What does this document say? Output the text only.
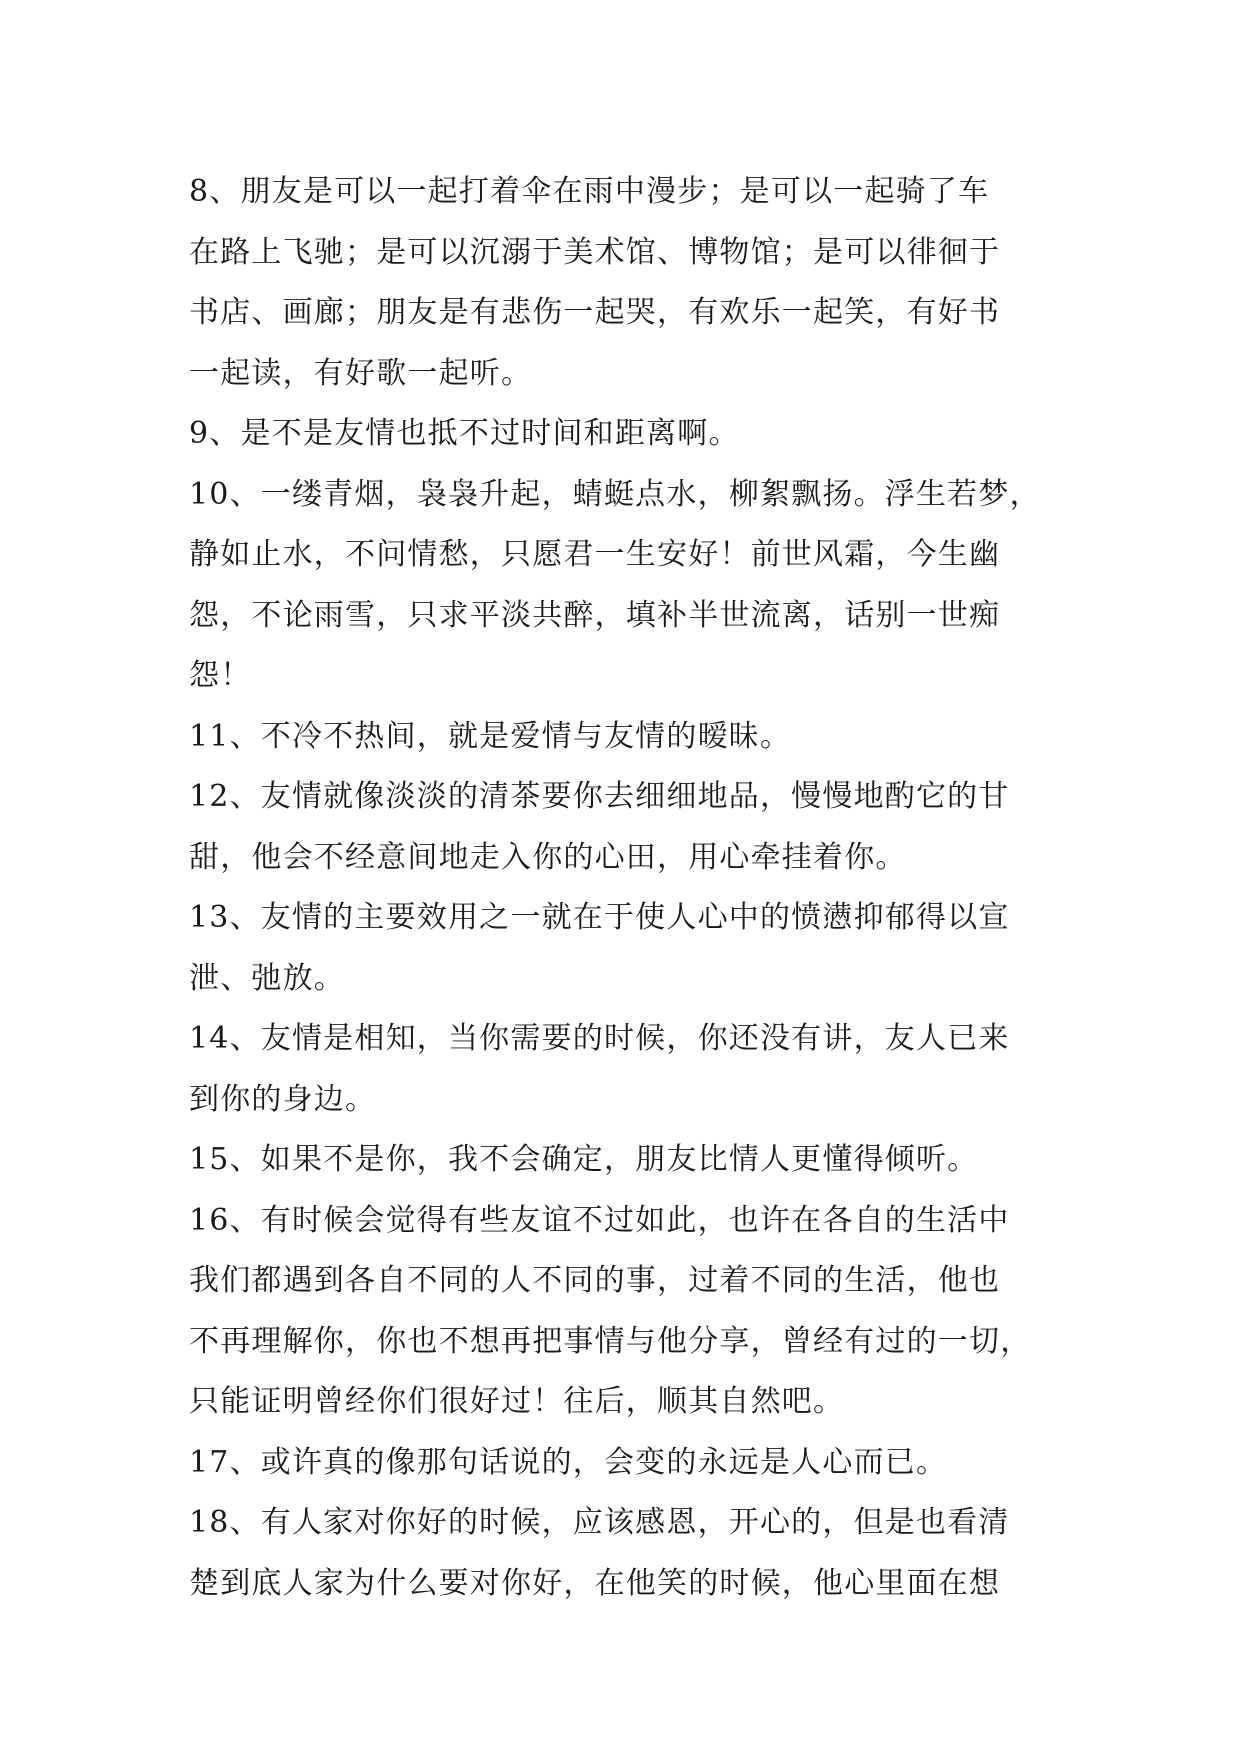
8、朋友是可以一起打着伞在雨中漫步；是可以一起骑了车
在路上飞驰；是可以沉溺于美术馆、博物馆；是可以徘徊于
书店、画廊；朋友是有悲伤一起哭，有欢乐一起笑，有好书
一起读，有好歌一起听。
9、是不是友情也抵不过时间和距离啊。
10、一缕青烟，袅袅升起，蜻蜓点水，柳絮飘扬。浮生若梦，
静如止水，不问情愁，只愿君一生安好！前世风霜，今生幽
怨，不论雨雪，只求平淡共醉，填补半世流离，话别一世痴
怨！
11、不冷不热间，就是爱情与友情的暧昧。
12、友情就像淡淡的清茶要你去细细地品，慢慢地酌它的甘
甜，他会不经意间地走入你的心田，用心牵挂着你。
13、友情的主要效用之一就在于使人心中的愤懑抑郁得以宣
泄、弛放。
14、友情是相知，当你需要的时候，你还没有讲，友人已来
到你的身边。
15、如果不是你，我不会确定，朋友比情人更懂得倾听。
16、有时候会觉得有些友谊不过如此，也许在各自的生活中
我们都遇到各自不同的人不同的事，过着不同的生活，他也
不再理解你，你也不想再把事情与他分享，曾经有过的一切，
只能证明曾经你们很好过！往后，顺其自然吧。
17、或许真的像那句话说的，会变的永远是人心而已。
18、有人家对你好的时候，应该感恩，开心的，但是也看清
楚到底人家为什么要对你好，在他笑的时候，他心里面在想
